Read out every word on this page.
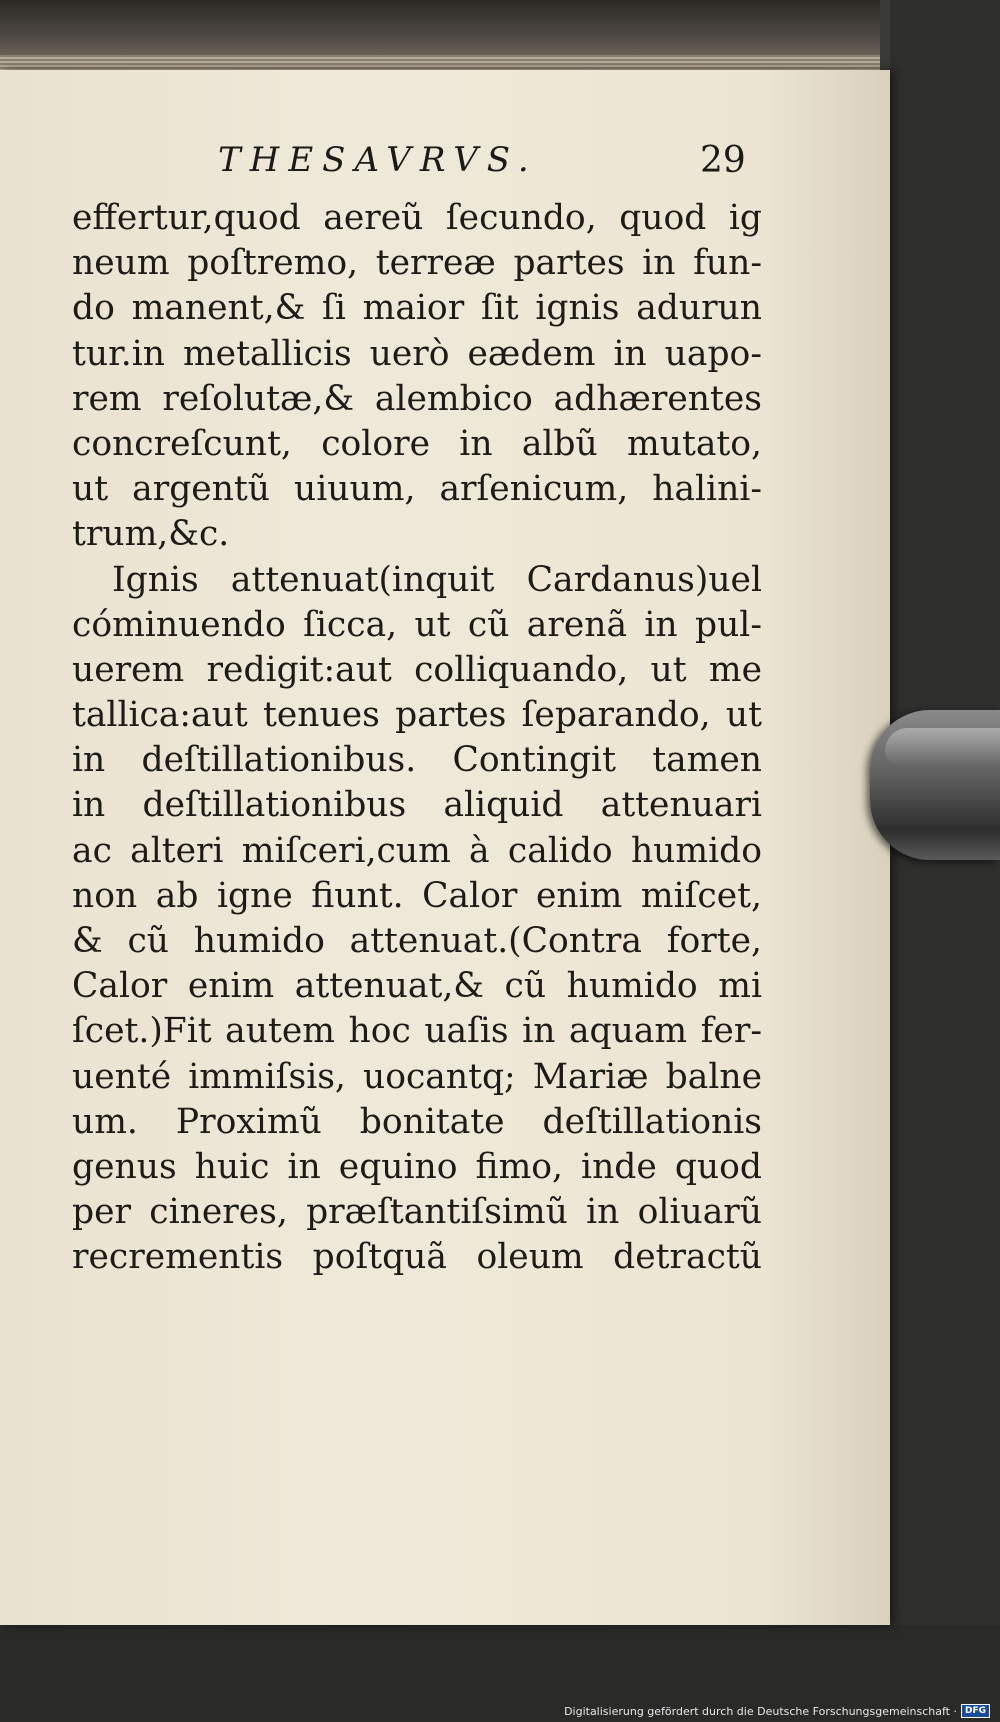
THESAVRVS.	29
effertur,quod aereũ ſecundo, quod ig
neum poſtremo, terreæ partes in fun-
do manent,& ſi maior ſit ignis adurun
tur.in metallicis uerò eædem in uapo-
rem reſolutæ,& alembico adhærentes
concreſcunt, colore in albũ mutato,
ut argentũ uiuum, arſenicum, halini-
trum,&c.
Ignis attenuat(inquit Cardanus)uel
cóminuendo ſicca, ut cũ arenã in pul-
uerem redigit:aut colliquando, ut me
tallica:aut tenues partes ſeparando, ut
in deſtillationibus. Contingit tamen
in deſtillationibus aliquid attenuari
ac alteri miſceri,cum à calido humido
non ab igne fiunt. Calor enim miſcet,
& cũ humido attenuat.(Contra forte,
Calor enim attenuat,& cũ humido mi
ſcet.)Fit autem hoc uaſis in aquam fer-
uenté immiſsis, uocantq; Mariæ balne
um. Proximũ bonitate deſtillationis
genus huic in equino fimo, inde quod
per cineres, præſtantiſsimũ in oliuarũ
recrementis poſtquã oleum detractũ
Digitalisierung gefördert durch die Deutsche Forschungsgemeinschaft · DFG
